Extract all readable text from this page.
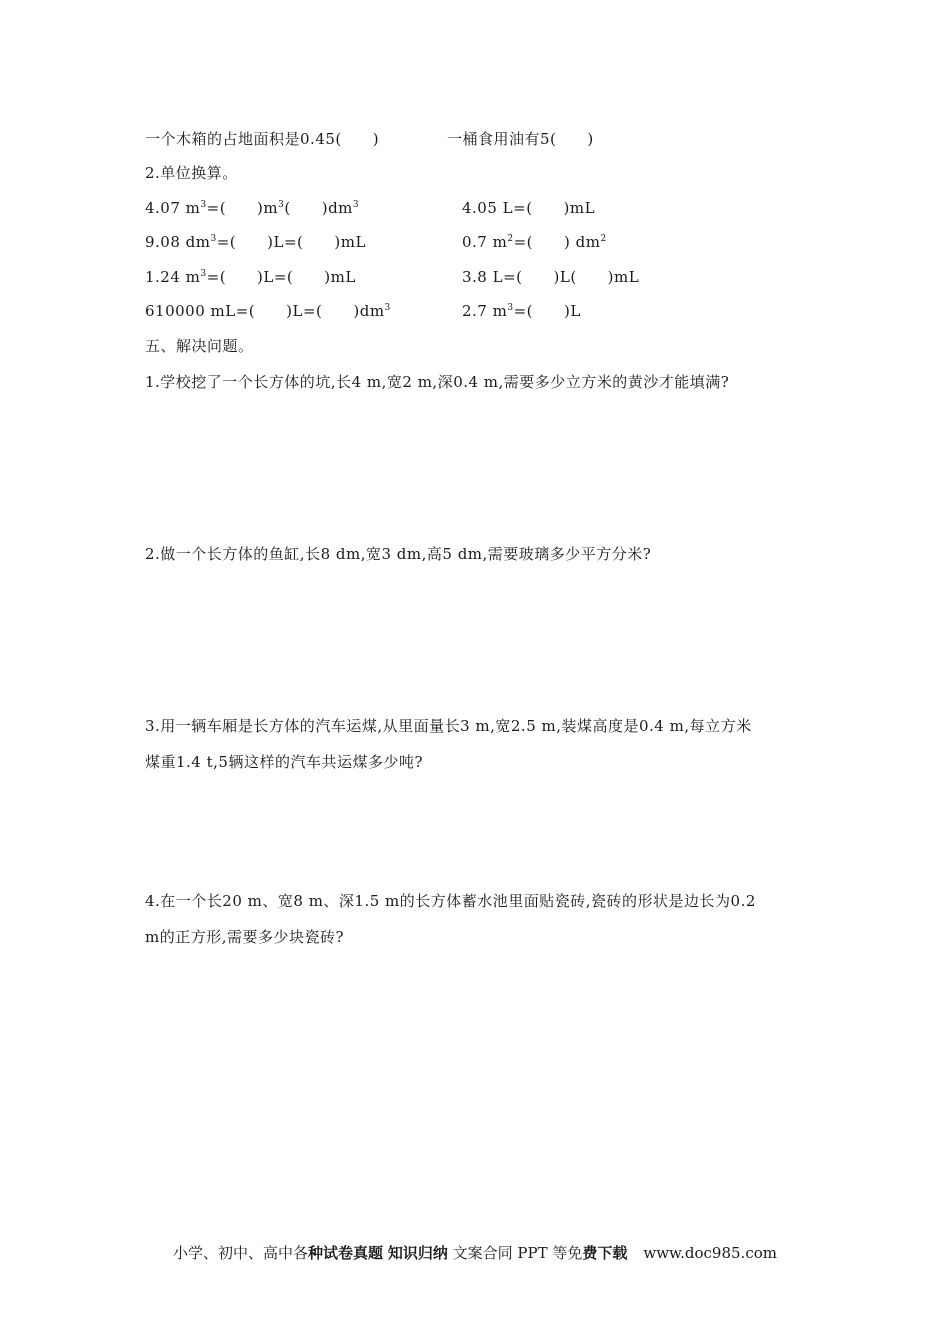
一个木箱的占地面积是0.45(　　)	一桶食用油有5(　　)
2.单位换算。
4.07 $m^3=$(　　)$m^3$(　　)$dm^3$	4.05 L=(　　)mL
9.08 $dm^3=$(　　)L=(　　)mL	0.7 $m^2=$(　　) $dm^2$
1.24 $m^3=$(　　)L=(　　)mL	3.8 L=(　　)L(　　)mL
610000 mL=(　　)L=(　　)$dm^3$	2.7 $m^3=$(　　)L
五、解决问题。
1.学校挖了一个长方体的坑,长4 m,宽2 m,深0.4 m,需要多少立方米的黄沙才能填满?
2.做一个长方体的鱼缸,长8 dm,宽3 dm,高5 dm,需要玻璃多少平方分米?
3.用一辆车厢是长方体的汽车运煤,从里面量长3 m,宽2.5 m,装煤高度是0.4 m,每立方米
煤重1.4 t,5辆这样的汽车共运煤多少吨?
4.在一个长20 m、宽8 m、深1.5 m的长方体蓄水池里面贴瓷砖,瓷砖的形状是边长为0.2
m的正方形,需要多少块瓷砖?
小学、初中、高中各种试卷真题 知识归纳 文案合同 PPT 等免费下载 www.doc985.com
